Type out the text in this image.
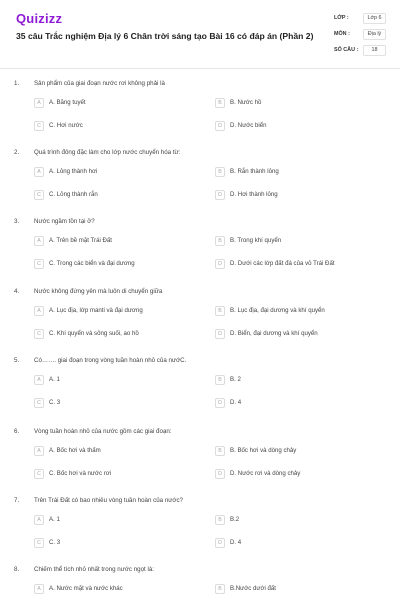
Quizizz
35 câu Trắc nghiệm Địa lý 6 Chân trời sáng tạo Bài 16 có đáp án (Phần 2)
LỚP :	Lớp 6
MÔN :	Địa lý
SỐ CÂU :	18
1. Sản phẩm của giai đoạn nước rơi không phải là
A	A. Băng tuyết	B	B. Nước hồ
C	C. Hơi nước	D	D. Nước biển
2. Quá trình đông đặc làm cho lớp nước chuyển hóa từ:
A	A. Lỏng thành hơi	B	B. Rắn thành lỏng
C	C. Lỏng thành rắn	D	D. Hơi thành lỏng
3. Nước ngầm tồn tại ở?
A	A. Trên bề mặt Trái Đất	B	B. Trong khí quyển
C	C. Trong các biển và đại dương	D	D. Dưới các lớp đất đá của vỏ Trái Đất
4. Nước không đứng yên mà luôn di chuyển giữa
A	A. Lục địa, lớp manti và đại dương	B	B. Lục địa, đại dương và khí quyển
C	C. Khí quyển và sông suối, ao hồ	D	D. Biển, đại dương và khí quyển
5. Có……. giai đoạn trong vòng tuần hoàn nhỏ của nướC.
A	A. 1	B	B. 2
C	C. 3	D	D. 4
6. Vòng tuần hoàn nhỏ của nước gồm các giai đoạn:
A	A. Bốc hơi và thấm	B	B. Bốc hơi và dòng chảy
C	C. Bốc hơi và nước rơi	D	D. Nước rơi và dòng chảy
7. Trên Trái Đất có bao nhiêu vòng tuần hoàn của nước?
A	A. 1	B	B.2
C	C. 3	D	D. 4
8. Chiếm thể tích nhỏ nhất trong nước ngọt là:
A	A. Nước mặt và nước khác	B	B.Nước dưới đất
